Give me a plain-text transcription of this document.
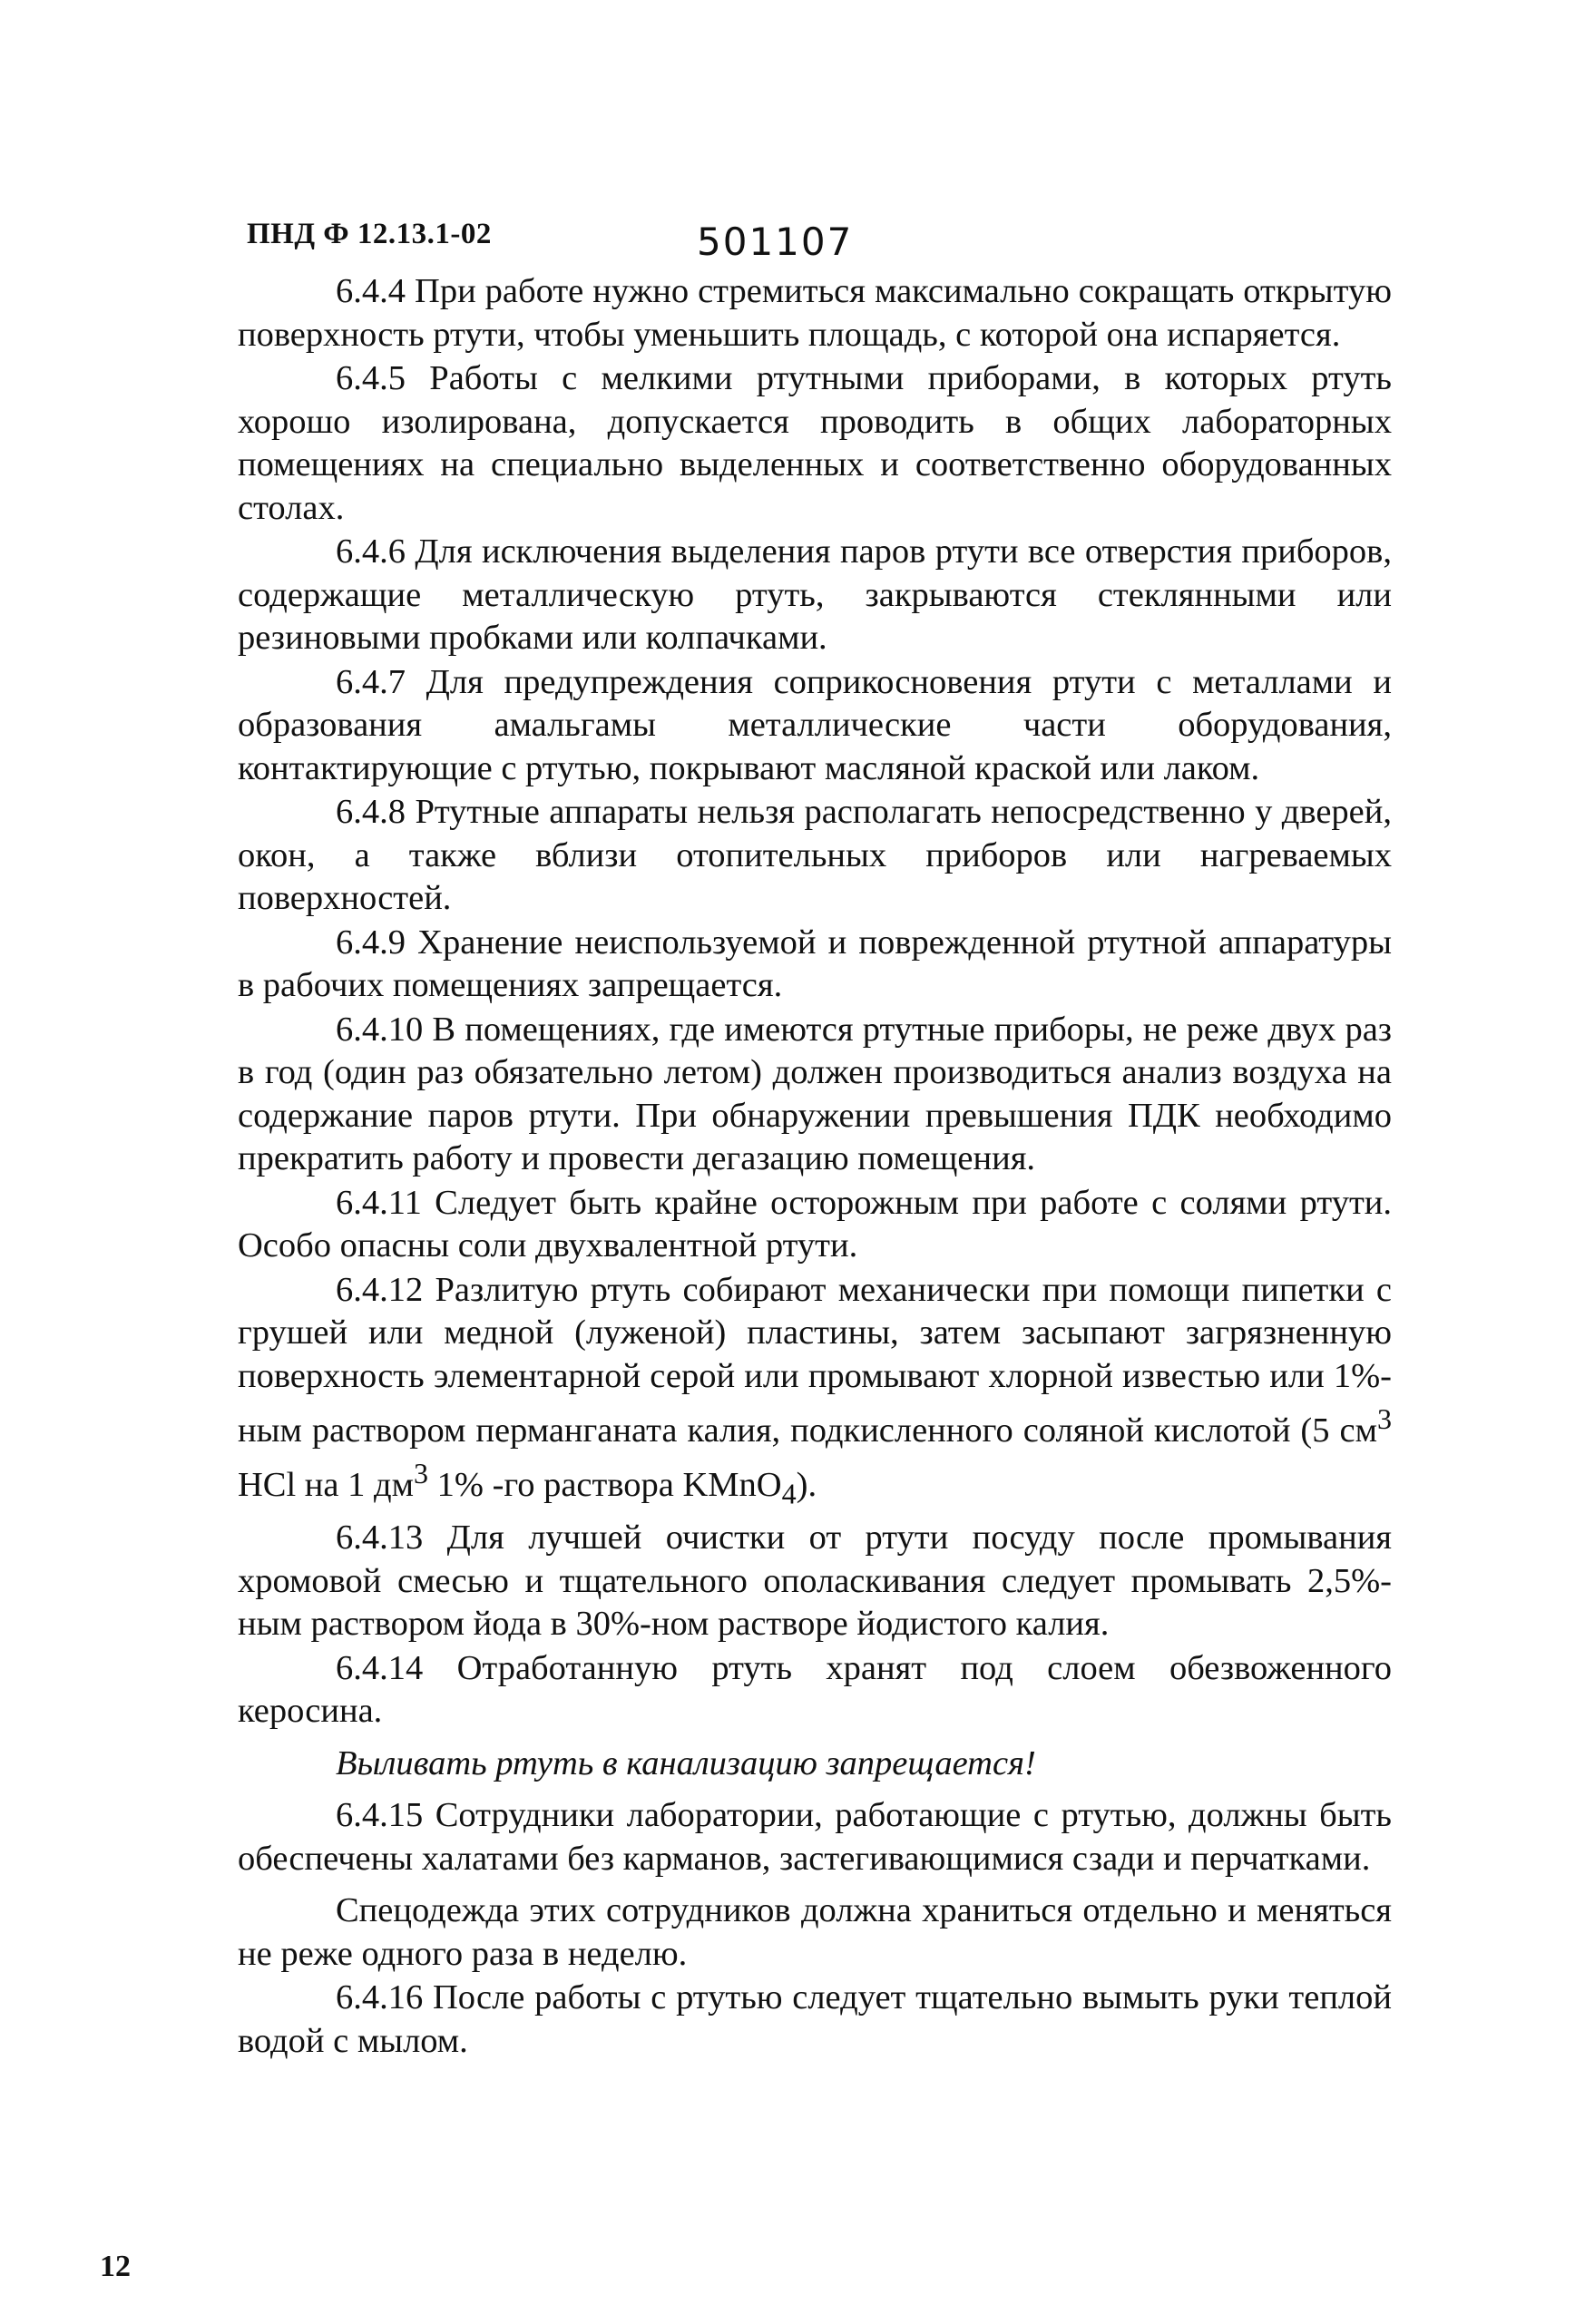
ПНД Ф 12.13.1-02	501107

6.4.4 При работе нужно стремиться максимально сокращать открытую поверхность ртути, чтобы уменьшить площадь, с которой она испаряется.

6.4.5 Работы с мелкими ртутными приборами, в которых ртуть хорошо изолирована, допускается проводить в общих лабораторных помещениях на специально выделенных и соответственно оборудованных столах.

6.4.6 Для исключения выделения паров ртути все отверстия приборов, содержащие металлическую ртуть, закрываются стеклянными или резиновыми пробками или колпачками.

6.4.7 Для предупреждения соприкосновения ртути с металлами и образования амальгамы металлические части оборудования, контактирующие с ртутью, покрывают масляной краской или лаком.

6.4.8 Ртутные аппараты нельзя располагать непосредственно у дверей, окон, а также вблизи отопительных приборов или нагреваемых поверхностей.

6.4.9 Хранение неиспользуемой и поврежденной ртутной аппаратуры в рабочих помещениях запрещается.

6.4.10 В помещениях, где имеются ртутные приборы, не реже двух раз в год (один раз обязательно летом) должен производиться анализ воздуха на содержание паров ртути. При обнаружении превышения ПДК необходимо прекратить работу и провести дегазацию помещения.

6.4.11 Следует быть крайне осторожным при работе с солями ртути. Особо опасны соли двухвалентной ртути.

6.4.12 Разлитую ртуть собирают механически при помощи пипетки с грушей или медной (луженой) пластины, затем засыпают загрязненную поверхность элементарной серой или промывают хлорной известью или 1%-ным раствором перманганата калия, подкисленного соляной кислотой (5 $см^3$ HCl на 1 $дм^3$ 1% -го раствора KMnO$_4$).

6.4.13 Для лучшей очистки от ртути посуду после промывания хромовой смесью и тщательного ополаскивания следует промывать 2,5%-ным раствором йода в 30%-ном растворе йодистого калия.

6.4.14 Отработанную ртуть хранят под слоем обезвоженного керосина.

Выливать ртуть в канализацию запрещается!

6.4.15 Сотрудники лаборатории, работающие с ртутью, должны быть обеспечены халатами без карманов, застегивающимися сзади и перчатками.

Спецодежда этих сотрудников должна храниться отдельно и меняться не реже одного раза в неделю.

6.4.16 После работы с ртутью следует тщательно вымыть руки теплой водой с мылом.

12
